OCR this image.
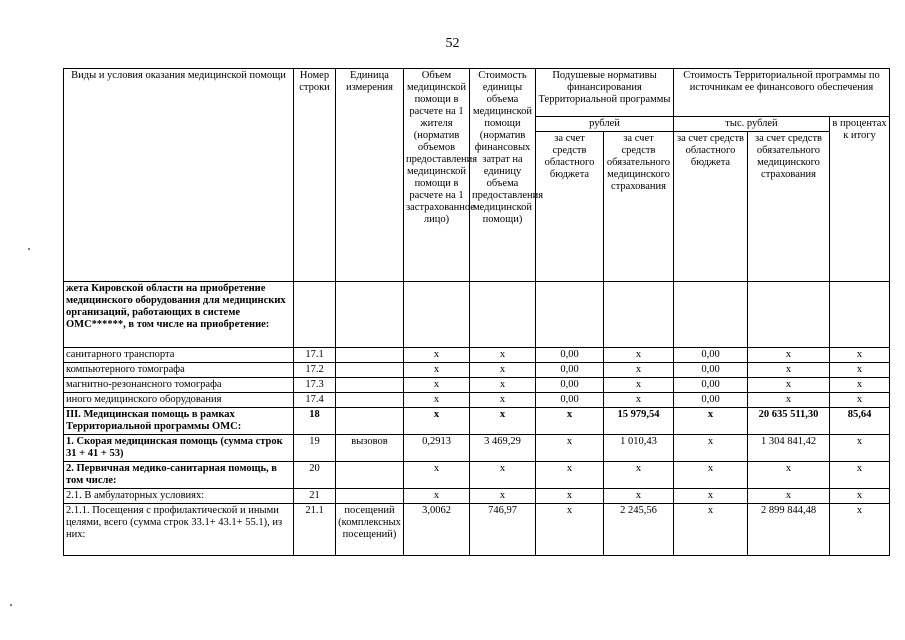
52
Виды и условия оказания медицинской помощи	Номер строки	Единица измерения	Объем медицинской помощи в расчете на 1 жителя (норматив объемов предоставления медицинской помощи в расчете на 1 застрахованное лицо)	Стоимость единицы объема медицинской помощи (норматив финансовых затрат на единицу объема предоставления медицинской помощи)	Подушевые нормативы финансирования Территориальной программы		Стоимость Территориальной программы по источникам ее финансового обеспечения		
					рублей		тыс. рублей		в процентах к итогу
					за счет средств областного бюджета	за счет средств обязательного медицинского страхования	за счет средств областного бюджета	за счет средств обязательного медицинского страхования	
жета Кировской области на приобретение медицинского оборудования для медицинских организаций, работающих в системе ОМС******, в том числе на приобретение:									
санитарного транспорта	17.1		x	x	0,00	x	0,00	x	x
компьютерного томографа	17.2		x	x	0,00	x	0,00	x	x
магнитно-резонансного томографа	17.3		x	x	0,00	x	0,00	x	x
иного медицинского оборудования	17.4		x	x	0,00	x	0,00	x	x
III. Медицинская помощь в рамках Территориальной программы ОМС:	18		x	x	x	15 979,54	x	20 635 511,30	85,64
1. Скорая медицинская помощь (сумма строк 31 + 41 + 53)	19	вызовов	0,2913	3 469,29	x	1 010,43	x	1 304 841,42	x
2. Первичная медико-санитарная помощь, в том числе:	20		x	x	x	x	x	x	x
2.1. В амбулаторных условиях:	21		x	x	x	x	x	x	x
2.1.1. Посещения с профилактической и иными целями, всего (сумма строк 33.1+ 43.1+ 55.1), из них:	21.1	посещений (комплексных посещений)	3,0062	746,97	x	2 245,56	x	2 899 844,48	x
